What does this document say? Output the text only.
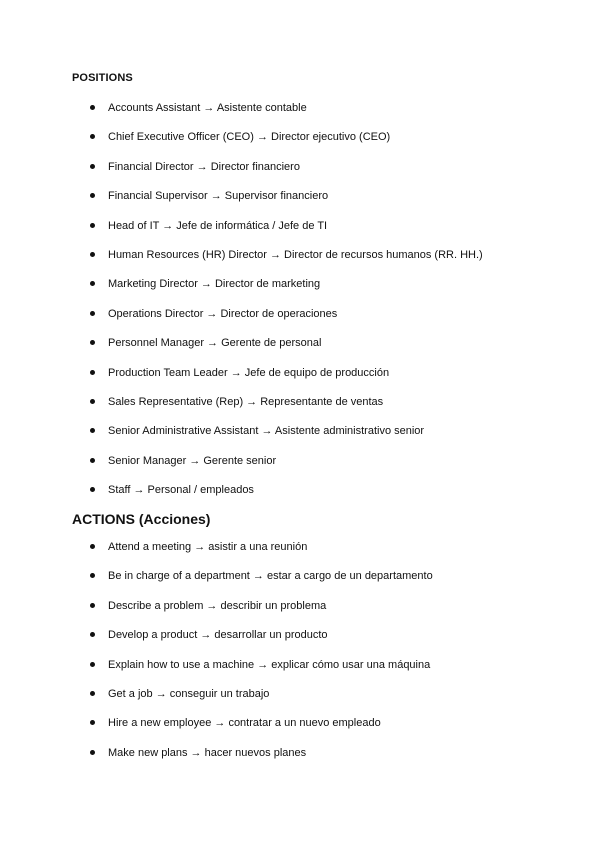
POSITIONS
Accounts Assistant → Asistente contable
Chief Executive Officer (CEO) → Director ejecutivo (CEO)
Financial Director → Director financiero
Financial Supervisor → Supervisor financiero
Head of IT → Jefe de informática / Jefe de TI
Human Resources (HR) Director → Director de recursos humanos (RR. HH.)
Marketing Director → Director de marketing
Operations Director → Director de operaciones
Personnel Manager → Gerente de personal
Production Team Leader → Jefe de equipo de producción
Sales Representative (Rep) → Representante de ventas
Senior Administrative Assistant → Asistente administrativo senior
Senior Manager → Gerente senior
Staff → Personal / empleados
ACTIONS (Acciones)
Attend a meeting → asistir a una reunión
Be in charge of a department → estar a cargo de un departamento
Describe a problem → describir un problema
Develop a product → desarrollar un producto
Explain how to use a machine → explicar cómo usar una máquina
Get a job → conseguir un trabajo
Hire a new employee → contratar a un nuevo empleado
Make new plans → hacer nuevos planes
